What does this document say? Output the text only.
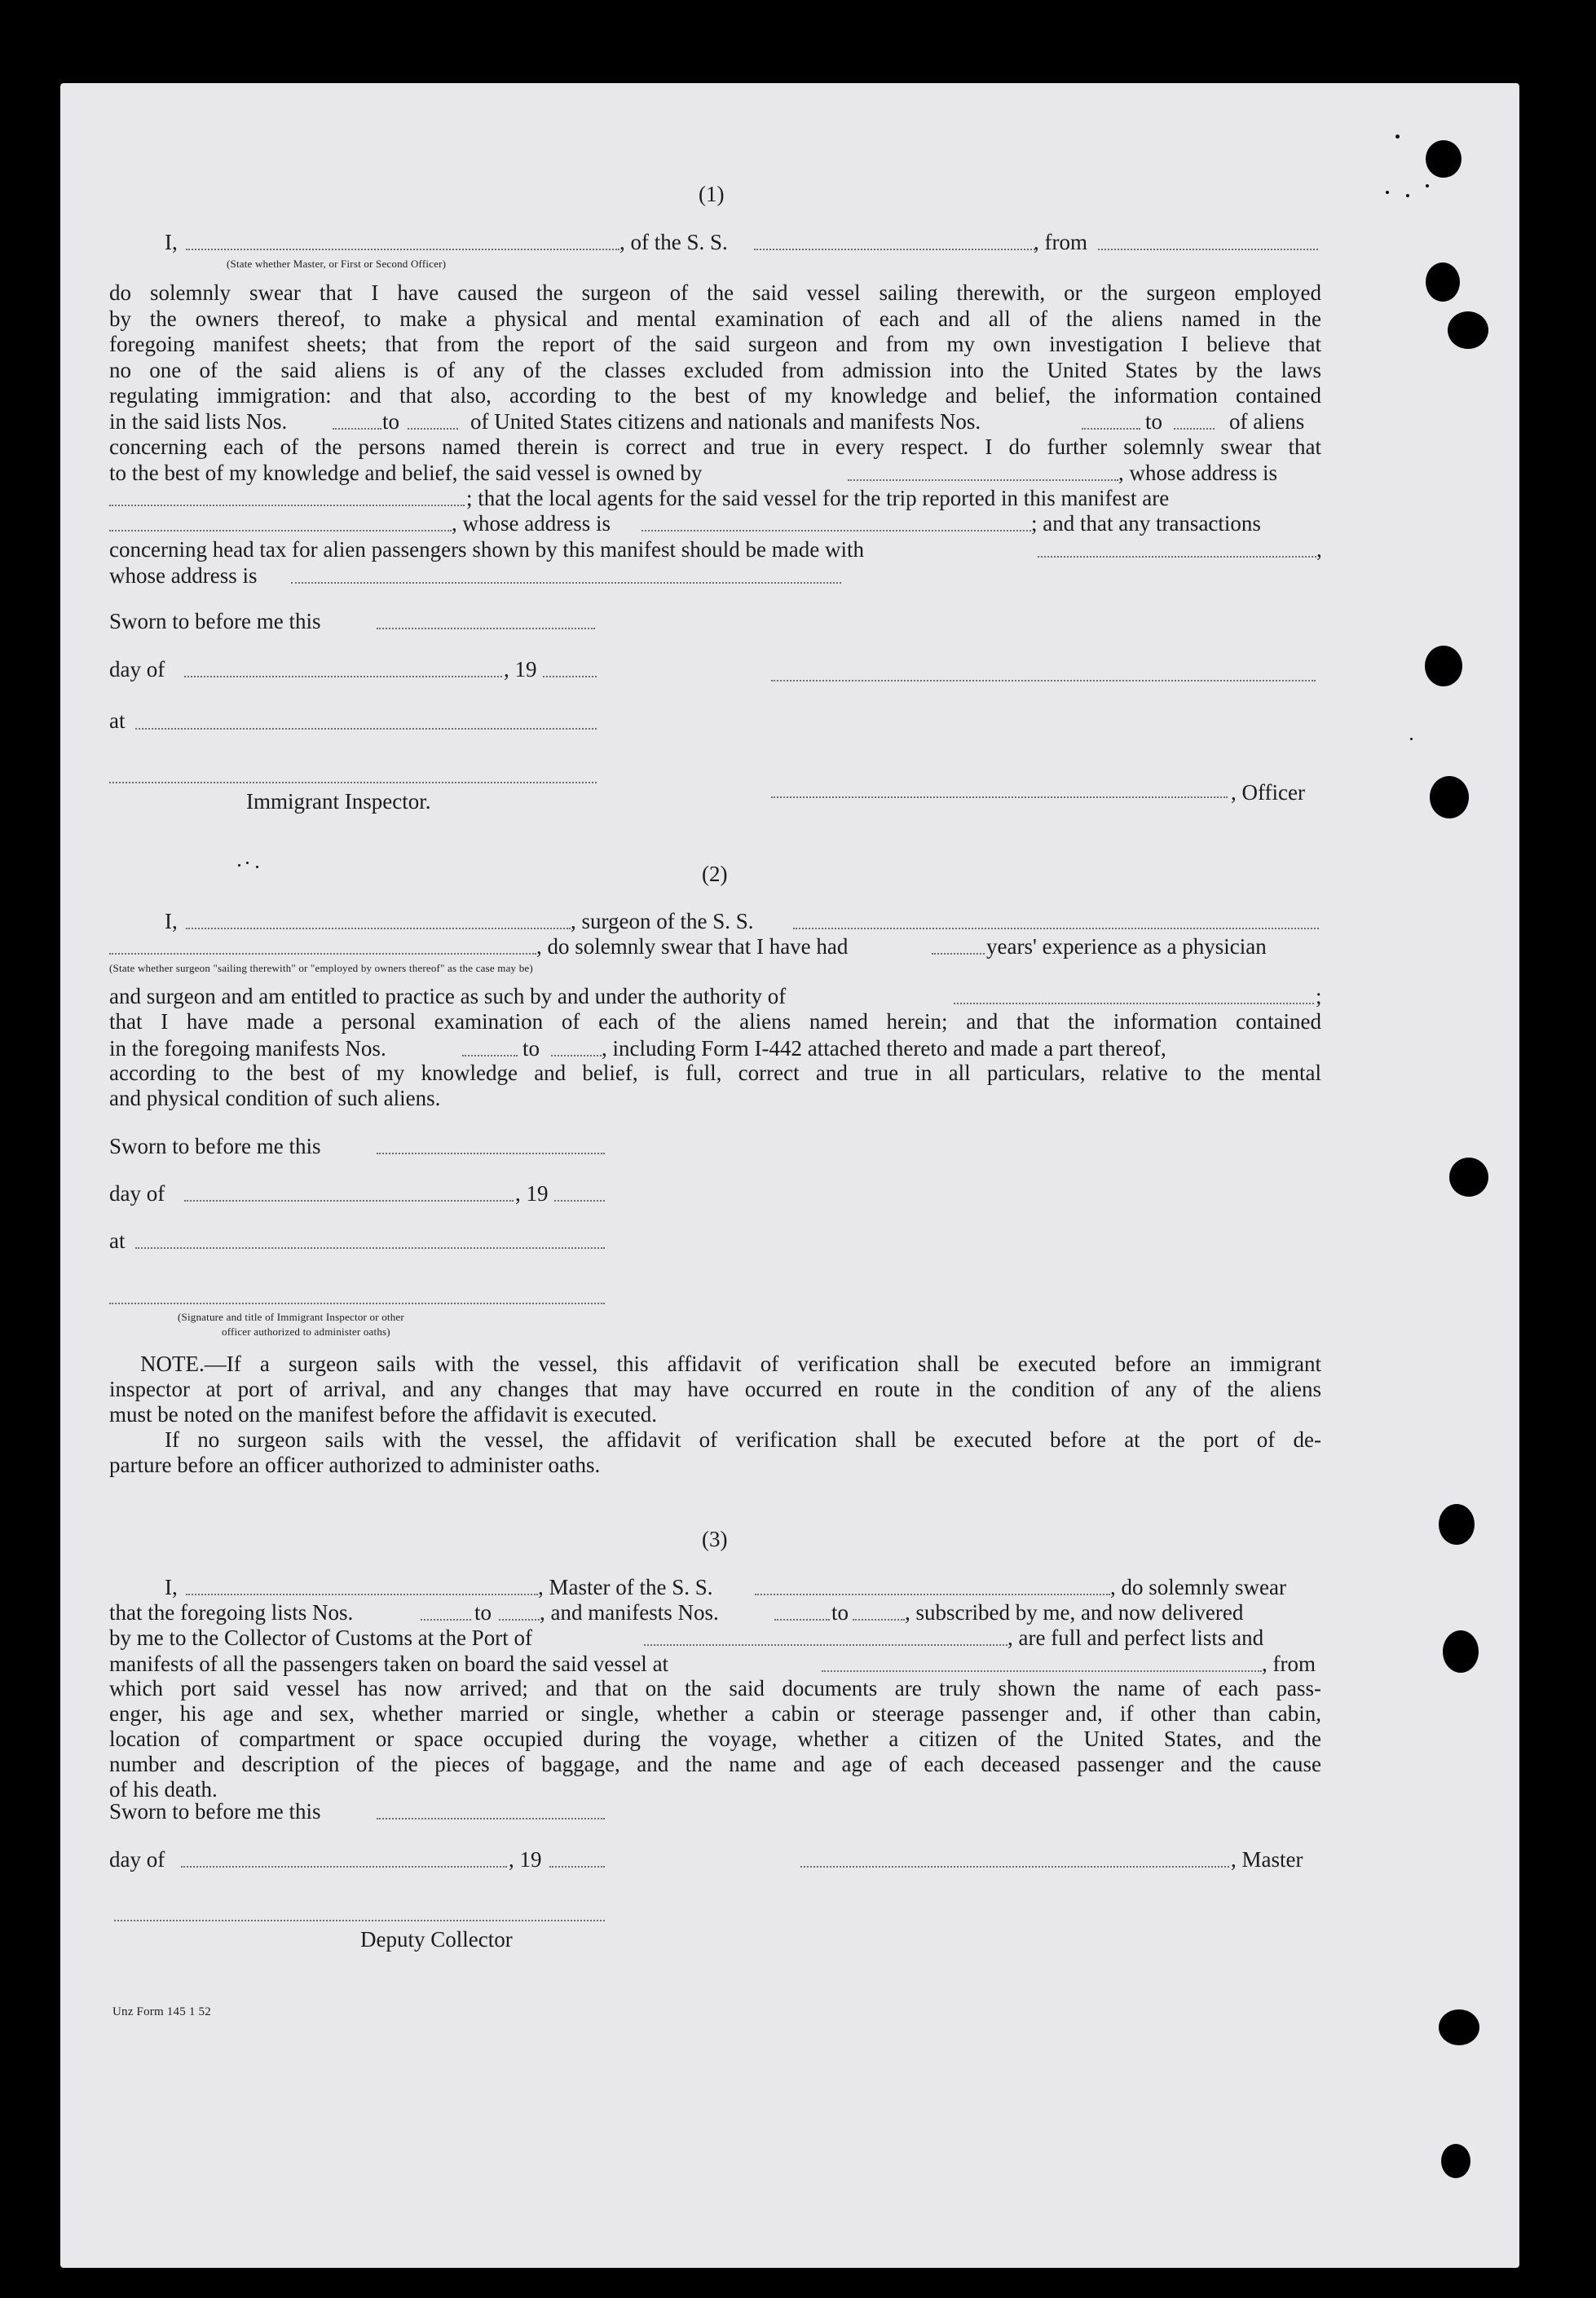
(1)
I,	, of the S. S.	, from
(State whether Master, or First or Second Officer)
do solemnly swear that I have caused the surgeon of the said vessel sailing therewith, or the surgeon employed
by the owners thereof, to make a physical and mental examination of each and all of the aliens named in the
foregoing manifest sheets; that from the report of the said surgeon and from my own investigation I believe that
no one of the said aliens is of any of the classes excluded from admission into the United States by the laws
regulating immigration: and that also, according to the best of my knowledge and belief, the information contained
in the said lists Nos.	to	of United States citizens and nationals and manifests Nos.	to	of aliens
concerning each of the persons named therein is correct and true in every respect. I do further solemnly swear that
to the best of my knowledge and belief, the said vessel is owned by	, whose address is
; that the local agents for the said vessel for the trip reported in this manifest are
, whose address is	; and that any transactions
concerning head tax for alien passengers shown by this manifest should be made with	,
whose address is
Sworn to before me this
day of	, 19
at
Immigrant Inspector.	, Officer
(2)
I,	, surgeon of the S. S.
, do solemnly swear that I have had	years' experience as a physician
(State whether surgeon "sailing therewith" or "employed by owners thereof" as the case may be)
and surgeon and am entitled to practice as such by and under the authority of	;
that I have made a personal examination of each of the aliens named herein; and that the information contained
in the foregoing manifests Nos.	to	, including Form I-442 attached thereto and made a part thereof,
according to the best of my knowledge and belief, is full, correct and true in all particulars, relative to the mental
and physical condition of such aliens.
Sworn to before me this
day of	, 19
at
(Signature and title of Immigrant Inspector or other
officer authorized to administer oaths)
NOTE.—If a surgeon sails with the vessel, this affidavit of verification shall be executed before an immigrant
inspector at port of arrival, and any changes that may have occurred en route in the condition of any of the aliens
must be noted on the manifest before the affidavit is executed.
If no surgeon sails with the vessel, the affidavit of verification shall be executed before at the port of de-
parture before an officer authorized to administer oaths.
(3)
I,	, Master of the S. S.	, do solemnly swear
that the foregoing lists Nos.	to , and manifests Nos.	to	, subscribed by me, and now delivered
by me to the Collector of Customs at the Port of	, are full and perfect lists and
manifests of all the passengers taken on board the said vessel at	, from
which port said vessel has now arrived; and that on the said documents are truly shown the name of each pass-
enger, his age and sex, whether married or single, whether a cabin or steerage passenger and, if other than cabin,
location of compartment or space occupied during the voyage, whether a citizen of the United States, and the
number and description of the pieces of baggage, and the name and age of each deceased passenger and the cause
of his death.
Sworn to before me this
day of	, 19	, Master
Deputy Collector
Unz Form 145 1 52
